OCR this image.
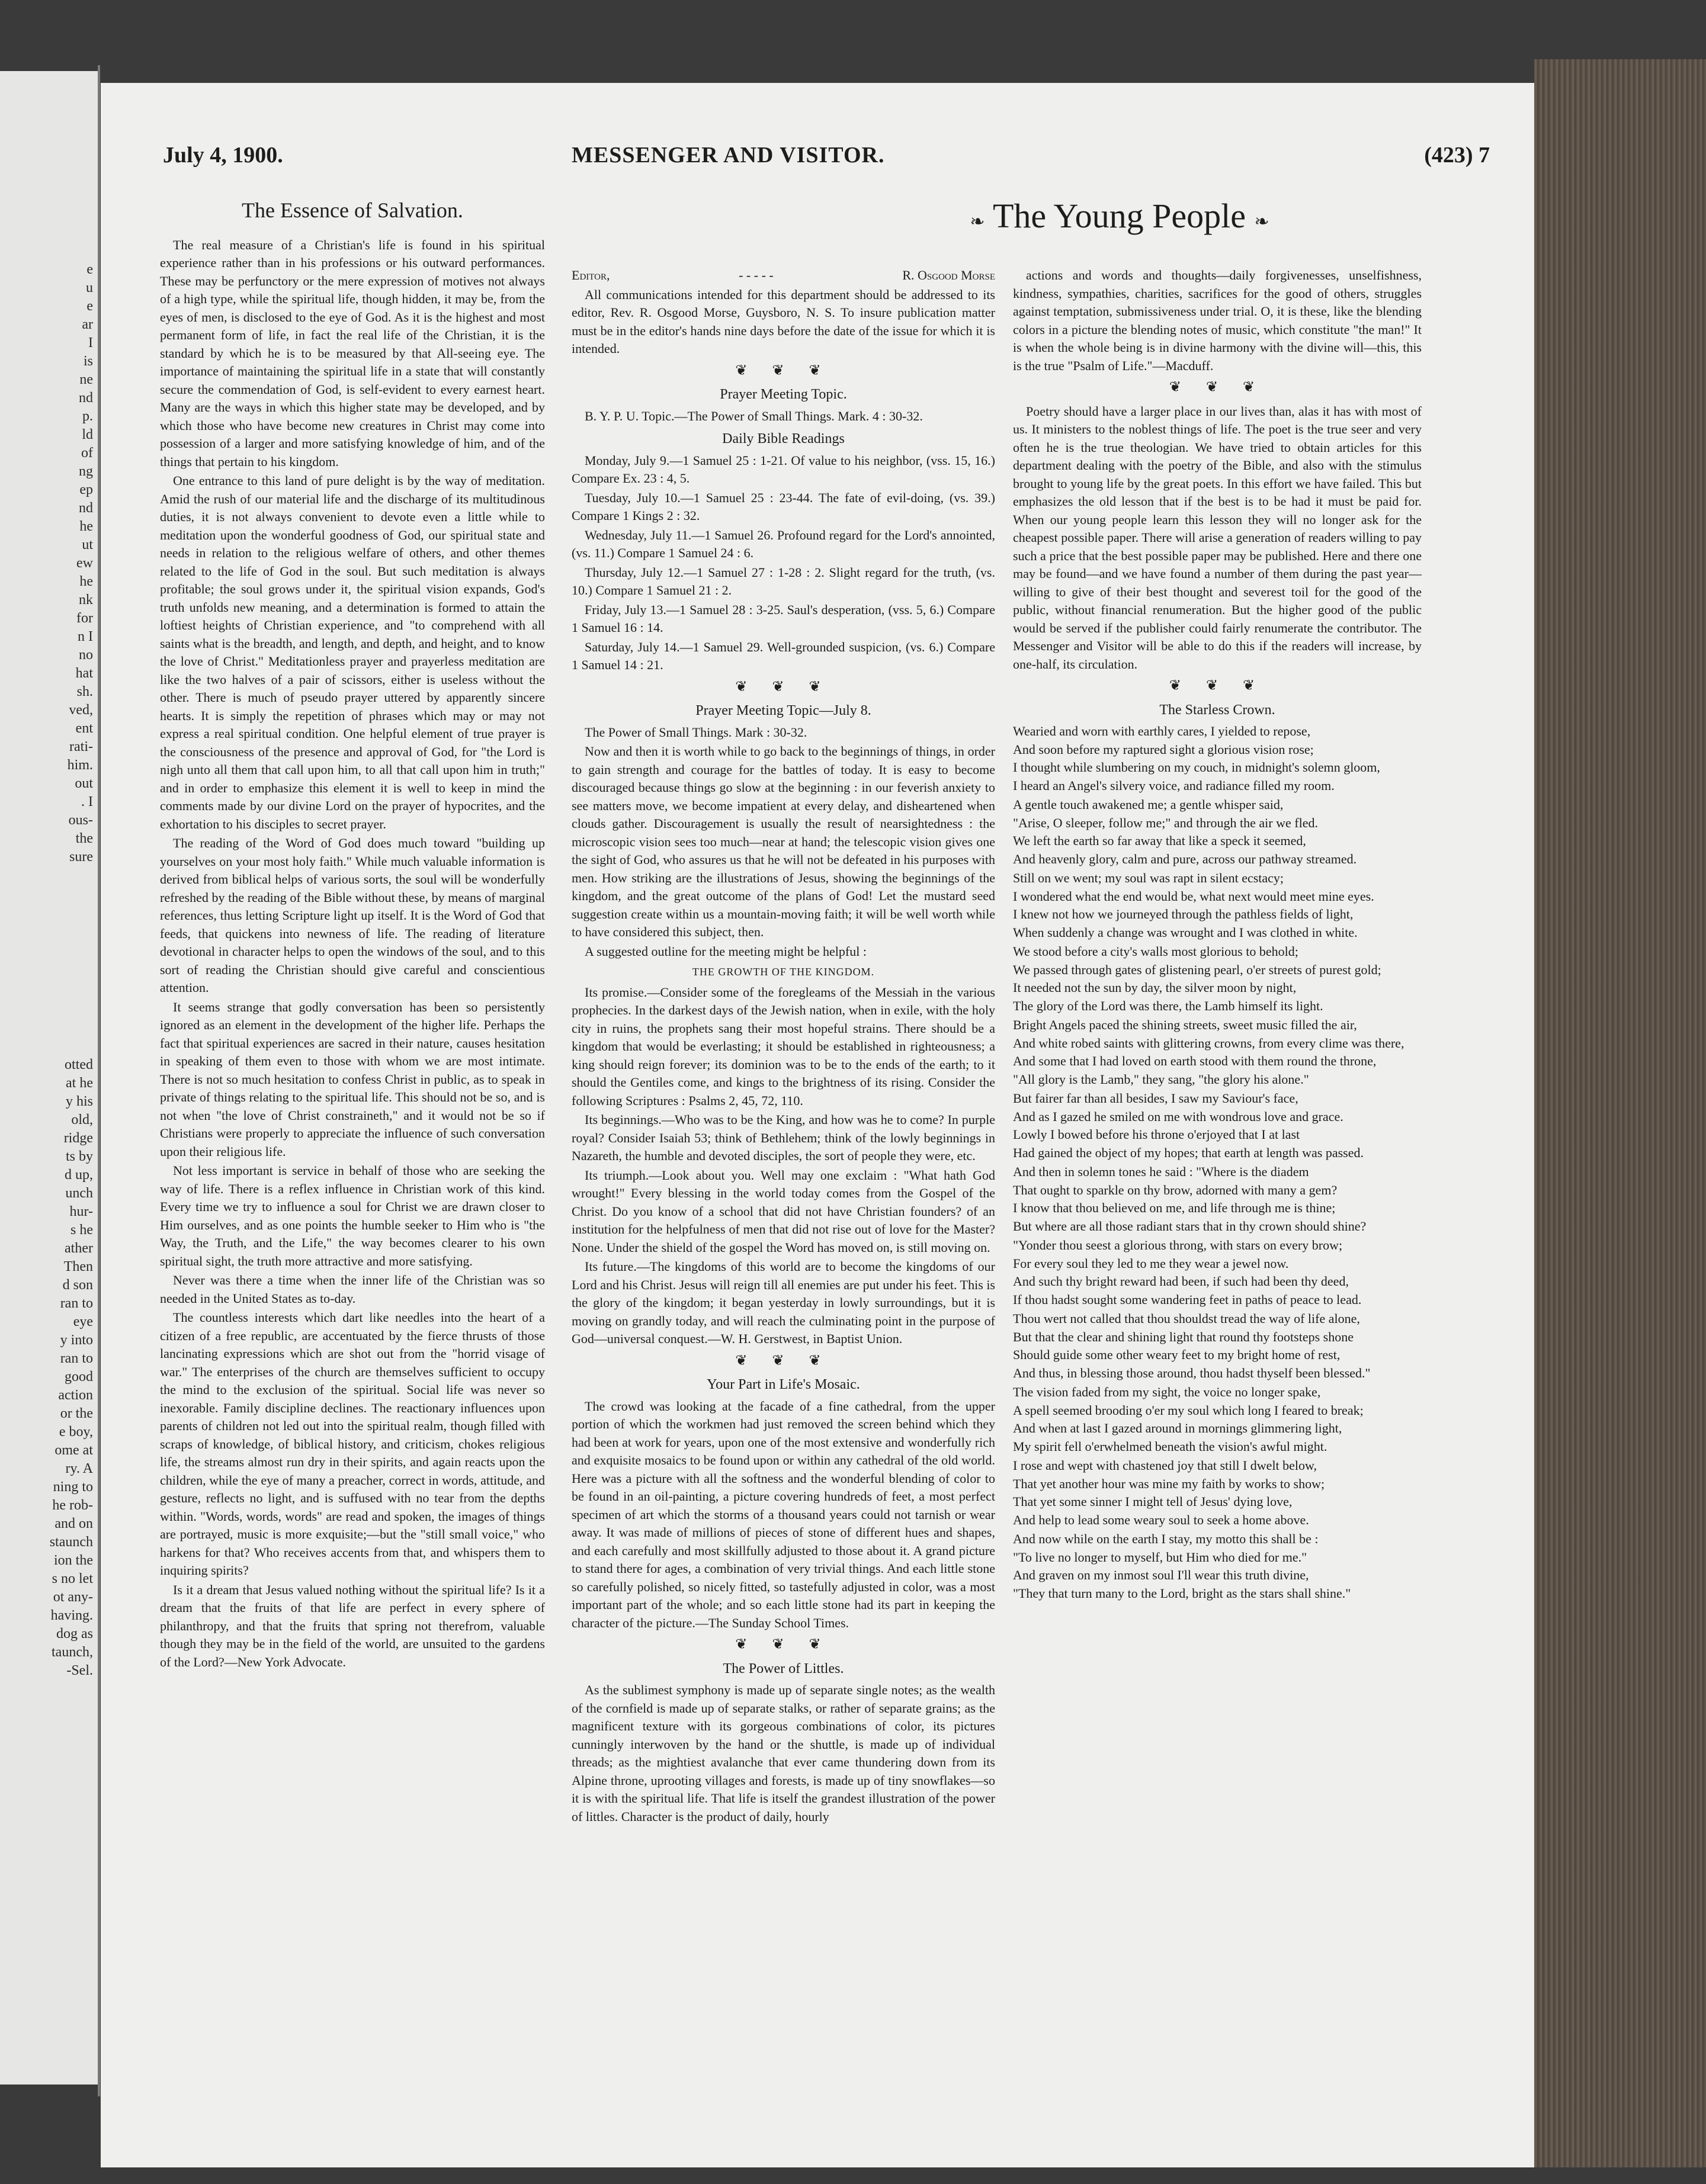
e
u
e
ar
I
is
ne
nd
p.
ld
of
ng
ep
nd
he
ut
ew
he
nk
for
n I
no
hat
sh.
ved,
ent
rati-
him.
out
. I
ous-
the
sure
otted
at he
y his
old,
ridge
ts by
d up,
unch
hur-
s he
ather
Then
d son
ran to
eye
y into
ran to
good
action
or the
e boy,
ome at
ry. A
ning to
he rob-
and on
staunch
ion the
s no let
ot any-
having.
dog as
taunch,
-Sel.
July 4, 1900.	MESSENGER AND VISITOR.	(423) 7
❧ The Young People ❧
The Essence of Salvation.

The real measure of a Christian's life is found in his spiritual experience rather than in his professions or his outward performances. These may be perfunctory or the mere expression of motives not always of a high type, while the spiritual life, though hidden, it may be, from the eyes of men, is disclosed to the eye of God. As it is the highest and most permanent form of life, in fact the real life of the Christian, it is the standard by which he is to be measured by that All-seeing eye. The importance of maintaining the spiritual life in a state that will constantly secure the commendation of God, is self-evident to every earnest heart. Many are the ways in which this higher state may be developed, and by which those who have become new creatures in Christ may come into possession of a larger and more satisfying knowledge of him, and of the things that pertain to his kingdom.

One entrance to this land of pure delight is by the way of meditation. Amid the rush of our material life and the discharge of its multitudinous duties, it is not always convenient to devote even a little while to meditation upon the wonderful goodness of God, our spiritual state and needs in relation to the religious welfare of others, and other themes related to the life of God in the soul. But such meditation is always profitable; the soul grows under it, the spiritual vision expands, God's truth unfolds new meaning, and a determination is formed to attain the loftiest heights of Christian experience, and "to comprehend with all saints what is the breadth, and length, and depth, and height, and to know the love of Christ." Meditationless prayer and prayerless meditation are like the two halves of a pair of scissors, either is useless without the other. There is much of pseudo prayer uttered by apparently sincere hearts. It is simply the repetition of phrases which may or may not express a real spiritual condition. One helpful element of true prayer is the consciousness of the presence and approval of God, for "the Lord is nigh unto all them that call upon him, to all that call upon him in truth;" and in order to emphasize this element it is well to keep in mind the comments made by our divine Lord on the prayer of hypocrites, and the exhortation to his disciples to secret prayer.

The reading of the Word of God does much toward "building up yourselves on your most holy faith." While much valuable information is derived from biblical helps of various sorts, the soul will be wonderfully refreshed by the reading of the Bible without these, by means of marginal references, thus letting Scripture light up itself. It is the Word of God that feeds, that quickens into newness of life. The reading of literature devotional in character helps to open the windows of the soul, and to this sort of reading the Christian should give careful and conscientious attention.

It seems strange that godly conversation has been so persistently ignored as an element in the development of the higher life. Perhaps the fact that spiritual experiences are sacred in their nature, causes hesitation in speaking of them even to those with whom we are most intimate. There is not so much hesitation to confess Christ in public, as to speak in private of things relating to the spiritual life. This should not be so, and is not when "the love of Christ constraineth," and it would not be so if Christians were properly to appreciate the influence of such conversation upon their religious life.

Not less important is service in behalf of those who are seeking the way of life. There is a reflex influence in Christian work of this kind. Every time we try to influence a soul for Christ we are drawn closer to Him ourselves, and as one points the humble seeker to Him who is "the Way, the Truth, and the Life," the way becomes clearer to his own spiritual sight, the truth more attractive and more satisfying.

Never was there a time when the inner life of the Christian was so needed in the United States as to-day.

The countless interests which dart like needles into the heart of a citizen of a free republic, are accentuated by the fierce thrusts of those lancinating expressions which are shot out from the "horrid visage of war." The enterprises of the church are themselves sufficient to occupy the mind to the exclusion of the spiritual. Social life was never so inexorable. Family discipline declines. The reactionary influences upon parents of children not led out into the spiritual realm, though filled with scraps of knowledge, of biblical history, and criticism, chokes religious life, the streams almost run dry in their spirits, and again reacts upon the children, while the eye of many a preacher, correct in words, attitude, and gesture, reflects no light, and is suffused with no tear from the depths within. "Words, words, words" are read and spoken, the images of things are portrayed, music is more exquisite;—but the "still small voice," who harkens for that? Who receives accents from that, and whispers them to inquiring spirits?

Is it a dream that Jesus valued nothing without the spiritual life? Is it a dream that the fruits of that life are perfect in every sphere of philanthropy, and that the fruits that spring not therefrom, valuable though they may be in the field of the world, are unsuited to the gardens of the Lord?—New York Advocate.

Editor,	- - - - -	R. Osgood Morse

All communications intended for this department should be addressed to its editor, Rev. R. Osgood Morse, Guysboro, N. S. To insure publication matter must be in the editor's hands nine days before the date of the issue for which it is intended.

❦ ❦ ❦
Prayer Meeting Topic.

B. Y. P. U. Topic.—The Power of Small Things. Mark. 4 : 30-32.

Daily Bible Readings

Monday, July 9.—1 Samuel 25 : 1-21. Of value to his neighbor, (vss. 15, 16.) Compare Ex. 23 : 4, 5.

Tuesday, July 10.—1 Samuel 25 : 23-44. The fate of evil-doing, (vs. 39.) Compare 1 Kings 2 : 32.

Wednesday, July 11.—1 Samuel 26. Profound regard for the Lord's annointed, (vs. 11.) Compare 1 Samuel 24 : 6.

Thursday, July 12.—1 Samuel 27 : 1-28 : 2. Slight regard for the truth, (vs. 10.) Compare 1 Samuel 21 : 2.

Friday, July 13.—1 Samuel 28 : 3-25. Saul's desperation, (vss. 5, 6.) Compare 1 Samuel 16 : 14.

Saturday, July 14.—1 Samuel 29. Well-grounded suspicion, (vs. 6.) Compare 1 Samuel 14 : 21.

❦ ❦ ❦
Prayer Meeting Topic—July 8.

The Power of Small Things. Mark : 30-32.

Now and then it is worth while to go back to the beginnings of things, in order to gain strength and courage for the battles of today. It is easy to become discouraged because things go slow at the beginning : in our feverish anxiety to see matters move, we become impatient at every delay, and disheartened when clouds gather. Discouragement is usually the result of nearsightedness : the microscopic vision sees too much—near at hand; the telescopic vision gives one the sight of God, who assures us that he will not be defeated in his purposes with men. How striking are the illustrations of Jesus, showing the beginnings of the kingdom, and the great outcome of the plans of God! Let the mustard seed suggestion create within us a mountain-moving faith; it will be well worth while to have considered this subject, then.

A suggested outline for the meeting might be helpful :

THE GROWTH OF THE KINGDOM.

Its promise.—Consider some of the foregleams of the Messiah in the various prophecies. In the darkest days of the Jewish nation, when in exile, with the holy city in ruins, the prophets sang their most hopeful strains. There should be a kingdom that would be everlasting; it should be established in righteousness; a king should reign forever; its dominion was to be to the ends of the earth; to it should the Gentiles come, and kings to the brightness of its rising. Consider the following Scriptures : Psalms 2, 45, 72, 110.

Its beginnings.—Who was to be the King, and how was he to come? In purple royal? Consider Isaiah 53; think of Bethlehem; think of the lowly beginnings in Nazareth, the humble and devoted disciples, the sort of people they were, etc.

Its triumph.—Look about you. Well may one exclaim : "What hath God wrought!" Every blessing in the world today comes from the Gospel of the Christ. Do you know of a school that did not have Christian founders? of an institution for the helpfulness of men that did not rise out of love for the Master? None. Under the shield of the gospel the Word has moved on, is still moving on.

Its future.—The kingdoms of this world are to become the kingdoms of our Lord and his Christ. Jesus will reign till all enemies are put under his feet. This is the glory of the kingdom; it began yesterday in lowly surroundings, but it is moving on grandly today, and will reach the culminating point in the purpose of God—universal conquest.—W. H. Gerstwest, in Baptist Union.

❦ ❦ ❦
Your Part in Life's Mosaic.

The crowd was looking at the facade of a fine cathedral, from the upper portion of which the workmen had just removed the screen behind which they had been at work for years, upon one of the most extensive and wonderfully rich and exquisite mosaics to be found upon or within any cathedral of the old world. Here was a picture with all the softness and the wonderful blending of color to be found in an oil-painting, a picture covering hundreds of feet, a most perfect specimen of art which the storms of a thousand years could not tarnish or wear away. It was made of millions of pieces of stone of different hues and shapes, and each carefully and most skillfully adjusted to those about it. A grand picture to stand there for ages, a combination of very trivial things. And each little stone so carefully polished, so nicely fitted, so tastefully adjusted in color, was a most important part of the whole; and so each little stone had its part in keeping the character of the picture.—The Sunday School Times.

❦ ❦ ❦
The Power of Littles.

As the sublimest symphony is made up of separate single notes; as the wealth of the cornfield is made up of separate stalks, or rather of separate grains; as the magnificent texture with its gorgeous combinations of color, its pictures cunningly interwoven by the hand or the shuttle, is made up of individual threads; as the mightiest avalanche that ever came thundering down from its Alpine throne, uprooting villages and forests, is made up of tiny snowflakes—so it is with the spiritual life. That life is itself the grandest illustration of the power of littles. Character is the product of daily, hourly

actions and words and thoughts—daily forgivenesses, unselfishness, kindness, sympathies, charities, sacrifices for the good of others, struggles against temptation, submissiveness under trial. O, it is these, like the blending colors in a picture the blending notes of music, which constitute "the man!" It is when the whole being is in divine harmony with the divine will—this, this is the true "Psalm of Life."—Macduff.

❦ ❦ ❦

Poetry should have a larger place in our lives than, alas it has with most of us. It ministers to the noblest things of life. The poet is the true seer and very often he is the true theologian. We have tried to obtain articles for this department dealing with the poetry of the Bible, and also with the stimulus brought to young life by the great poets. In this effort we have failed. This but emphasizes the old lesson that if the best is to be had it must be paid for. When our young people learn this lesson they will no longer ask for the cheapest possible paper. There will arise a generation of readers willing to pay such a price that the best possible paper may be published. Here and there one may be found—and we have found a number of them during the past year—willing to give of their best thought and severest toil for the good of the public, without financial renumeration. But the higher good of the public would be served if the publisher could fairly renumerate the contributor. The Messenger and Visitor will be able to do this if the readers will increase, by one-half, its circulation.

❦ ❦ ❦
The Starless Crown.

Wearied and worn with earthly cares, I yielded to repose,
And soon before my raptured sight a glorious vision rose;
I thought while slumbering on my couch, in midnight's solemn gloom,
I heard an Angel's silvery voice, and radiance filled my room.

A gentle touch awakened me; a gentle whisper said,
"Arise, O sleeper, follow me;" and through the air we fled.
We left the earth so far away that like a speck it seemed,
And heavenly glory, calm and pure, across our pathway streamed.

Still on we went; my soul was rapt in silent ecstacy;
I wondered what the end would be, what next would meet mine eyes.
I knew not how we journeyed through the pathless fields of light,
When suddenly a change was wrought and I was clothed in white.

We stood before a city's walls most glorious to behold;
We passed through gates of glistening pearl, o'er streets of purest gold;
It needed not the sun by day, the silver moon by night,
The glory of the Lord was there, the Lamb himself its light.

Bright Angels paced the shining streets, sweet music filled the air,
And white robed saints with glittering crowns, from every clime was there,
And some that I had loved on earth stood with them round the throne,
"All glory is the Lamb," they sang, "the glory his alone."

But fairer far than all besides, I saw my Saviour's face,
And as I gazed he smiled on me with wondrous love and grace.
Lowly I bowed before his throne o'erjoyed that I at last
Had gained the object of my hopes; that earth at length was passed.

And then in solemn tones he said : "Where is the diadem
That ought to sparkle on thy brow, adorned with many a gem?
I know that thou believed on me, and life through me is thine;
But where are all those radiant stars that in thy crown should shine?

"Yonder thou seest a glorious throng, with stars on every brow;
For every soul they led to me they wear a jewel now.
And such thy bright reward had been, if such had been thy deed,
If thou hadst sought some wandering feet in paths of peace to lead.

Thou wert not called that thou shouldst tread the way of life alone,
But that the clear and shining light that round thy footsteps shone
Should guide some other weary feet to my bright home of rest,
And thus, in blessing those around, thou hadst thyself been blessed."

The vision faded from my sight, the voice no longer spake,
A spell seemed brooding o'er my soul which long I feared to break;
And when at last I gazed around in mornings glimmering light,
My spirit fell o'erwhelmed beneath the vision's awful might.

I rose and wept with chastened joy that still I dwelt below,
That yet another hour was mine my faith by works to show;
That yet some sinner I might tell of Jesus' dying love,
And help to lead some weary soul to seek a home above.

And now while on the earth I stay, my motto this shall be :
"To live no longer to myself, but Him who died for me."
And graven on my inmost soul I'll wear this truth divine,
"They that turn many to the Lord, bright as the stars shall shine."
